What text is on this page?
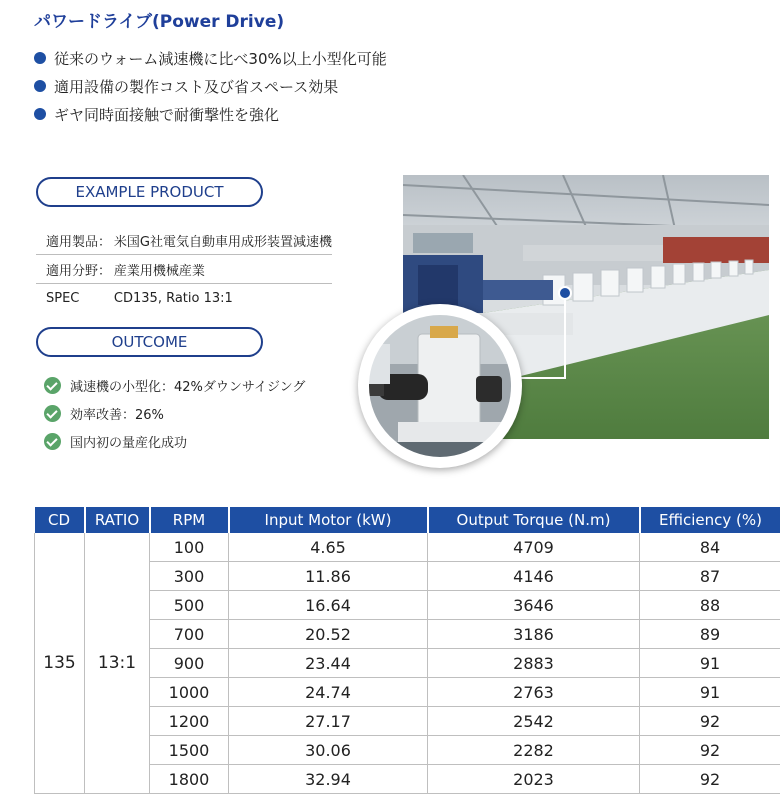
パワードライブ(Power Drive)
従来のウォーム減速機に比べ30%以上小型化可能
適用設備の製作コスト及び省スペース効果
ギヤ同時面接触で耐衝撃性を強化
EXAMPLE PRODUCT
適用製品：	米国G社電気自動車用成形装置減速機
適用分野：	産業用機械産業
SPEC	CD135, Ratio 13:1
OUTCOME
減速機の小型化：42%ダウンサイジング
効率改善：26%
国内初の量産化成功
CD	RATIO	RPM	Input Motor (kW)	Output Torque (N.m)	Efficiency (%)
135	13:1	100	4.65	4709	84
		300	11.86	4146	87
		500	16.64	3646	88
		700	20.52	3186	89
		900	23.44	2883	91
		1000	24.74	2763	91
		1200	27.17	2542	92
		1500	30.06	2282	92
		1800	32.94	2023	92
